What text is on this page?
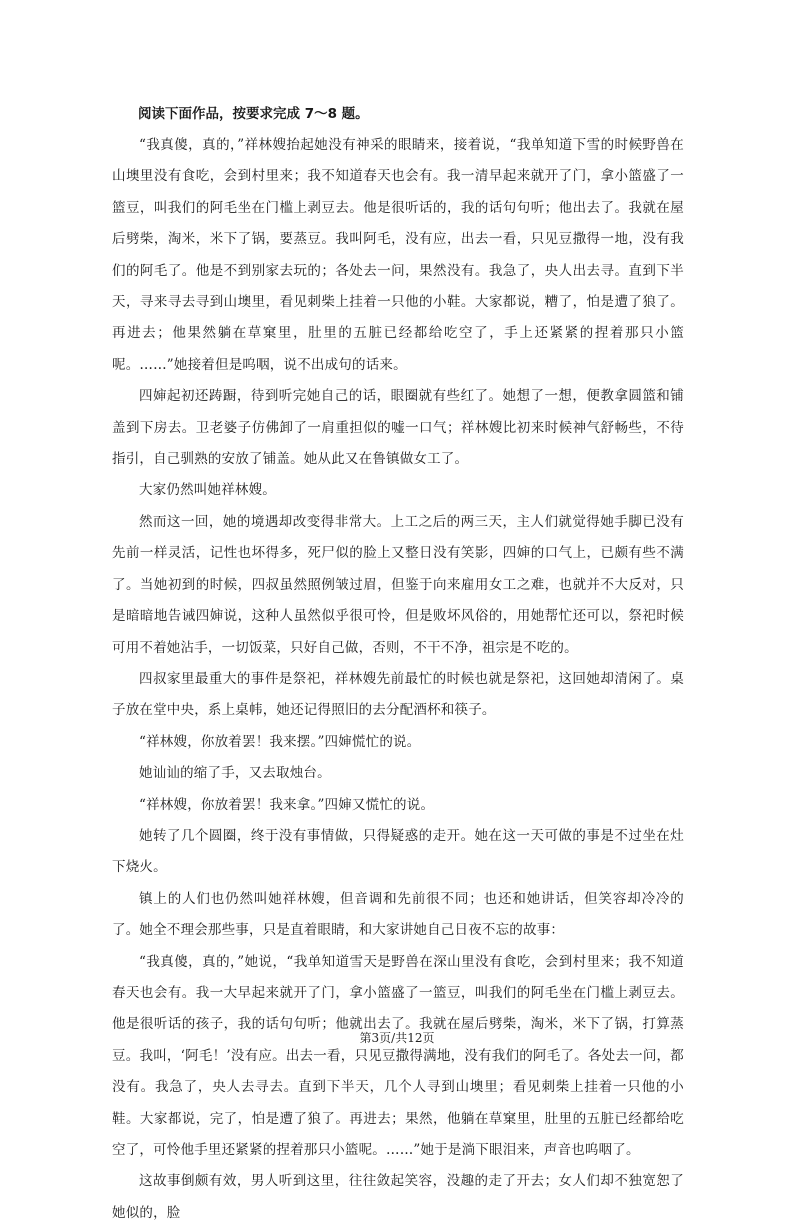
阅读下面作品，按要求完成 7～8 题。

“我真傻，真的，”祥林嫂抬起她没有神采的眼睛来，接着说，“我单知道下雪的时候野兽在山墺里没有食吃，会到村里来；我不知道春天也会有。我一清早起来就开了门，拿小篮盛了一篮豆，叫我们的阿毛坐在门槛上剥豆去。他是很听话的，我的话句句听；他出去了。我就在屋后劈柴，淘米，米下了锅，要蒸豆。我叫阿毛，没有应，出去一看，只见豆撒得一地，没有我们的阿毛了。他是不到别家去玩的；各处去一问，果然没有。我急了，央人出去寻。直到下半天，寻来寻去寻到山墺里，看见刺柴上挂着一只他的小鞋。大家都说，糟了，怕是遭了狼了。再进去；他果然躺在草窠里，肚里的五脏已经都给吃空了，手上还紧紧的捏着那只小篮呢。……”她接着但是呜咽，说不出成句的话来。

四婶起初还踌蹰，待到听完她自己的话，眼圈就有些红了。她想了一想，便教拿圆篮和铺盖到下房去。卫老婆子仿佛卸了一肩重担似的嘘一口气；祥林嫂比初来时候神气舒畅些，不待指引，自己驯熟的安放了铺盖。她从此又在鲁镇做女工了。

大家仍然叫她祥林嫂。

然而这一回，她的境遇却改变得非常大。上工之后的两三天，主人们就觉得她手脚已没有先前一样灵活，记性也坏得多，死尸似的脸上又整日没有笑影，四婶的口气上，已颇有些不满了。当她初到的时候，四叔虽然照例皱过眉，但鉴于向来雇用女工之难，也就并不大反对，只是暗暗地告诫四婶说，这种人虽然似乎很可怜，但是败坏风俗的，用她帮忙还可以，祭祀时候可用不着她沾手，一切饭菜，只好自己做，否则，不干不净，祖宗是不吃的。

四叔家里最重大的事件是祭祀，祥林嫂先前最忙的时候也就是祭祀，这回她却清闲了。桌子放在堂中央，系上桌帏，她还记得照旧的去分配酒杯和筷子。

“祥林嫂，你放着罢！我来摆。”四婶慌忙的说。

她讪讪的缩了手，又去取烛台。

“祥林嫂，你放着罢！我来拿。”四婶又慌忙的说。

她转了几个圆圈，终于没有事情做，只得疑惑的走开。她在这一天可做的事是不过坐在灶下烧火。

镇上的人们也仍然叫她祥林嫂，但音调和先前很不同；也还和她讲话，但笑容却冷冷的了。她全不理会那些事，只是直着眼睛，和大家讲她自己日夜不忘的故事：

“我真傻，真的，”她说，“我单知道雪天是野兽在深山里没有食吃，会到村里来；我不知道春天也会有。我一大早起来就开了门，拿小篮盛了一篮豆，叫我们的阿毛坐在门槛上剥豆去。他是很听话的孩子，我的话句句听；他就出去了。我就在屋后劈柴，淘米，米下了锅，打算蒸豆。我叫，‘阿毛！’没有应。出去一看，只见豆撒得满地，没有我们的阿毛了。各处去一问，都没有。我急了，央人去寻去。直到下半天，几个人寻到山墺里；看见刺柴上挂着一只他的小鞋。大家都说，完了，怕是遭了狼了。再进去；果然，他躺在草窠里，肚里的五脏已经都给吃空了，可怜他手里还紧紧的捏着那只小篮呢。……”她于是淌下眼泪来，声音也呜咽了。

这故事倒颇有效，男人听到这里，往往敛起笑容，没趣的走了开去；女人们却不独宽恕了她似的，脸

第3页/共12页
